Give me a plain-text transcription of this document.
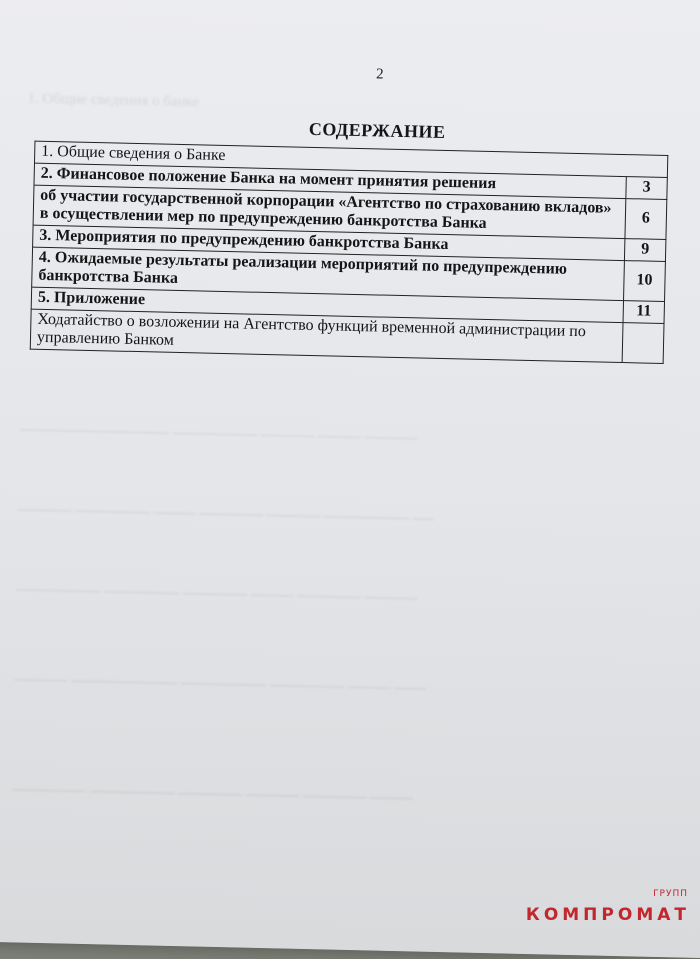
1. Общие сведения о банке
────────────── ──────── ───── ──── ─────
───── ─────── ──── ────── ───── ──────── ──
──────── ─────── ────── ──── ────── ─────
───── ────────── ──────── ─────── ──── ───
─────── ──────── ────── ───── ────── ────
2
СОДЕРЖАНИЕ
1. Общие сведения о Банке	
2. Финансовое положение Банка на момент принятия решения	3
об участии государственной корпорации «Агентство по страхованию вкладов» в осуществлении мер по предупреждению банкротства Банка	6
3. Мероприятия по предупреждению банкротства Банка	9
4. Ожидаемые результаты реализации мероприятий по предупреждению банкротства Банка	10
5. Приложение	11
Ходатайство о возложении на Агентство функций временной администрации по управлению Банком	
ГРУПП
КОМПРОМАТ
